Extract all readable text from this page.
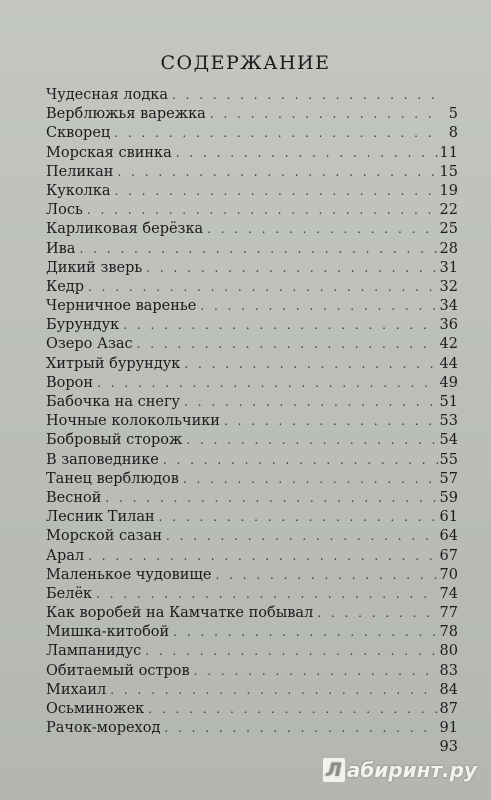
СОДЕРЖАНИЕ
Чудесная лодка
. . .
Верблюжья варежка . . .	5
Скворец . . .	8
Морская свинка . . .	11
Пеликан . . .	15
Куколка . . .	19
Лось . . .	22
Карликовая берёзка . . .	25
Ива . . .	28
Дикий зверь . . .	31
Кедр . . .	32
Черничное варенье . . .	34
Бурундук . . .	36
Озеро Азас . . .	42
Хитрый бурундук . . .	44
Ворон . . .	49
Бабочка на снегу . . .	51
Ночные колокольчики . . .	53
Бобровый сторож . . .	54
В заповеднике . . .	55
Танец верблюдов . . .	57
Весной . . .	59
Лесник Тилан . . .	61
Морской сазан . . .	64
Арал . . .	67
Маленькое чудовище . . .	70
Белёк . . .	74
Как воробей на Камчатке побывал . . .	77
Мишка-китобой . . .	78
Лампанидус . . .	80
Обитаемый остров . . .	83
Михаил . . .	84
Осьминожек . . .	87
Рачок-мореход . . .	91
93
Л абиринт.ру
